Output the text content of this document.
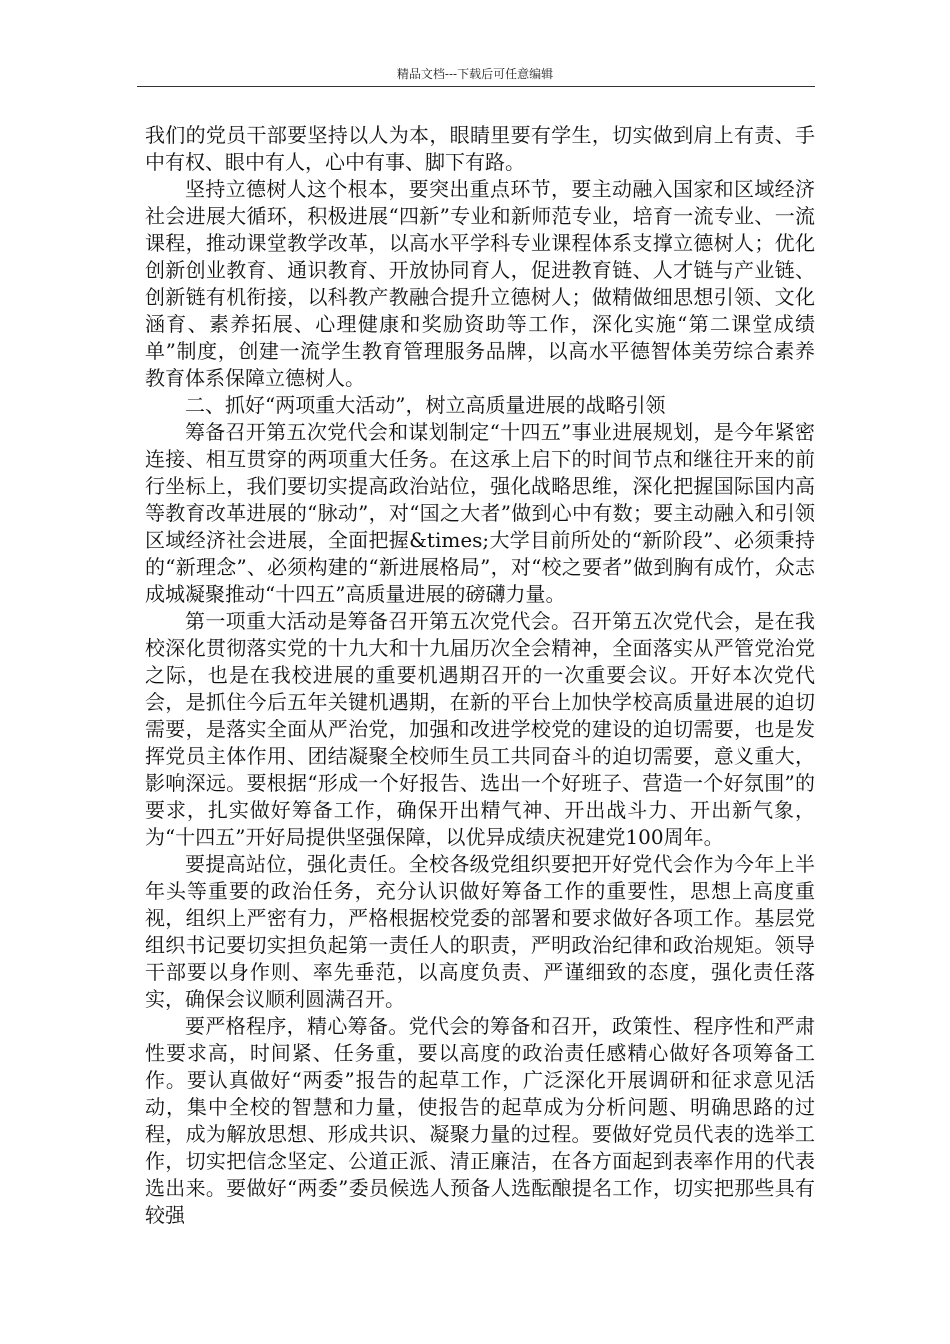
精品文档---下载后可任意编辑

我们的党员干部要坚持以人为本，眼睛里要有学生，切实做到肩上有责、手中有权、眼中有人，心中有事、脚下有路。

坚持立德树人这个根本，要突出重点环节，要主动融入国家和区域经济社会进展大循环，积极进展“四新”专业和新师范专业，培育一流专业、一流课程，推动课堂教学改革，以高水平学科专业课程体系支撑立德树人；优化创新创业教育、通识教育、开放协同育人，促进教育链、人才链与产业链、创新链有机衔接，以科教产教融合提升立德树人；做精做细思想引领、文化涵育、素养拓展、心理健康和奖励资助等工作，深化实施“第二课堂成绩单”制度，创建一流学生教育管理服务品牌，以高水平德智体美劳综合素养教育体系保障立德树人。

二、抓好“两项重大活动”，树立高质量进展的战略引领

筹备召开第五次党代会和谋划制定“十四五”事业进展规划，是今年紧密连接、相互贯穿的两项重大任务。在这承上启下的时间节点和继往开来的前行坐标上，我们要切实提高政治站位，强化战略思维，深化把握国际国内高等教育改革进展的“脉动”，对“国之大者”做到心中有数；要主动融入和引领区域经济社会进展，全面把握&times;大学目前所处的“新阶段”、必须秉持的“新理念”、必须构建的“新进展格局”，对“校之要者”做到胸有成竹，众志成城凝聚推动“十四五”高质量进展的磅礴力量。

第一项重大活动是筹备召开第五次党代会。召开第五次党代会，是在我校深化贯彻落实党的十九大和十九届历次全会精神，全面落实从严管党治党之际，也是在我校进展的重要机遇期召开的一次重要会议。开好本次党代会，是抓住今后五年关键机遇期，在新的平台上加快学校高质量进展的迫切需要，是落实全面从严治党，加强和改进学校党的建设的迫切需要，也是发挥党员主体作用、团结凝聚全校师生员工共同奋斗的迫切需要，意义重大，影响深远。要根据“形成一个好报告、选出一个好班子、营造一个好氛围”的要求，扎实做好筹备工作，确保开出精气神、开出战斗力、开出新气象，为“十四五”开好局提供坚强保障，以优异成绩庆祝建党100周年。

要提高站位，强化责任。全校各级党组织要把开好党代会作为今年上半年头等重要的政治任务，充分认识做好筹备工作的重要性，思想上高度重视，组织上严密有力，严格根据校党委的部署和要求做好各项工作。基层党组织书记要切实担负起第一责任人的职责，严明政治纪律和政治规矩。领导干部要以身作则、率先垂范，以高度负责、严谨细致的态度，强化责任落实，确保会议顺利圆满召开。

要严格程序，精心筹备。党代会的筹备和召开，政策性、程序性和严肃性要求高，时间紧、任务重，要以高度的政治责任感精心做好各项筹备工作。要认真做好“两委”报告的起草工作，广泛深化开展调研和征求意见活动，集中全校的智慧和力量，使报告的起草成为分析问题、明确思路的过程，成为解放思想、形成共识、凝聚力量的过程。要做好党员代表的选举工作，切实把信念坚定、公道正派、清正廉洁，在各方面起到表率作用的代表选出来。要做好“两委”委员候选人预备人选酝酿提名工作，切实把那些具有较强
